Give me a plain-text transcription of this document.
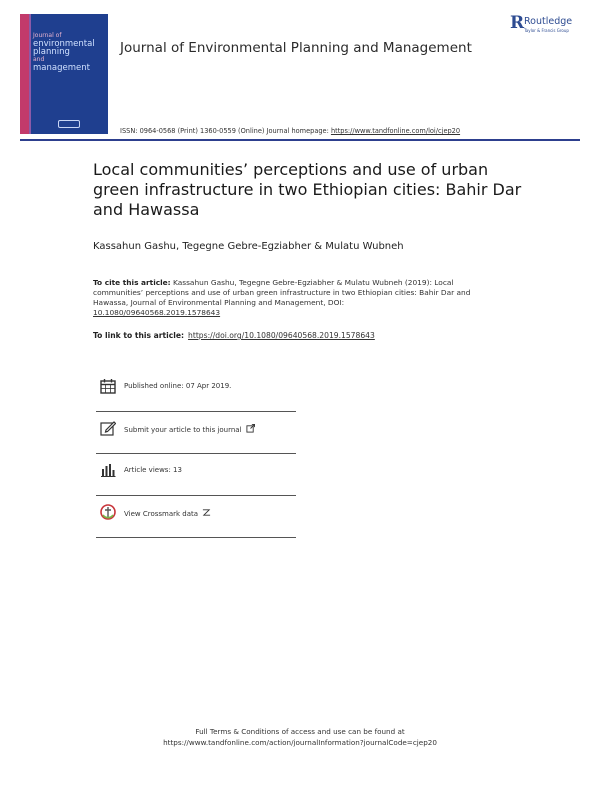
Journal of
environmental
planning
and
management
R Routledge
Taylor & Francis Group
Journal of Environmental Planning and Management
ISSN: 0964-0568 (Print) 1360-0559 (Online) Journal homepage: https://www.tandfonline.com/loi/cjep20
Local communities’ perceptions and use of urban green infrastructure in two Ethiopian cities: Bahir Dar and Hawassa
Kassahun Gashu, Tegegne Gebre-Egziabher & Mulatu Wubneh
To cite this article: Kassahun Gashu, Tegegne Gebre-Egziabher & Mulatu Wubneh (2019): Local communities’ perceptions and use of urban green infrastructure in two Ethiopian cities: Bahir Dar and Hawassa, Journal of Environmental Planning and Management, DOI: 10.1080/09640568.2019.1578643
To link to this article: https://doi.org/10.1080/09640568.2019.1578643
Published online: 07 Apr 2019.
Submit your article to this journal
Article views: 13
View Crossmark data
Full Terms & Conditions of access and use can be found at
https://www.tandfonline.com/action/journalInformation?journalCode=cjep20
